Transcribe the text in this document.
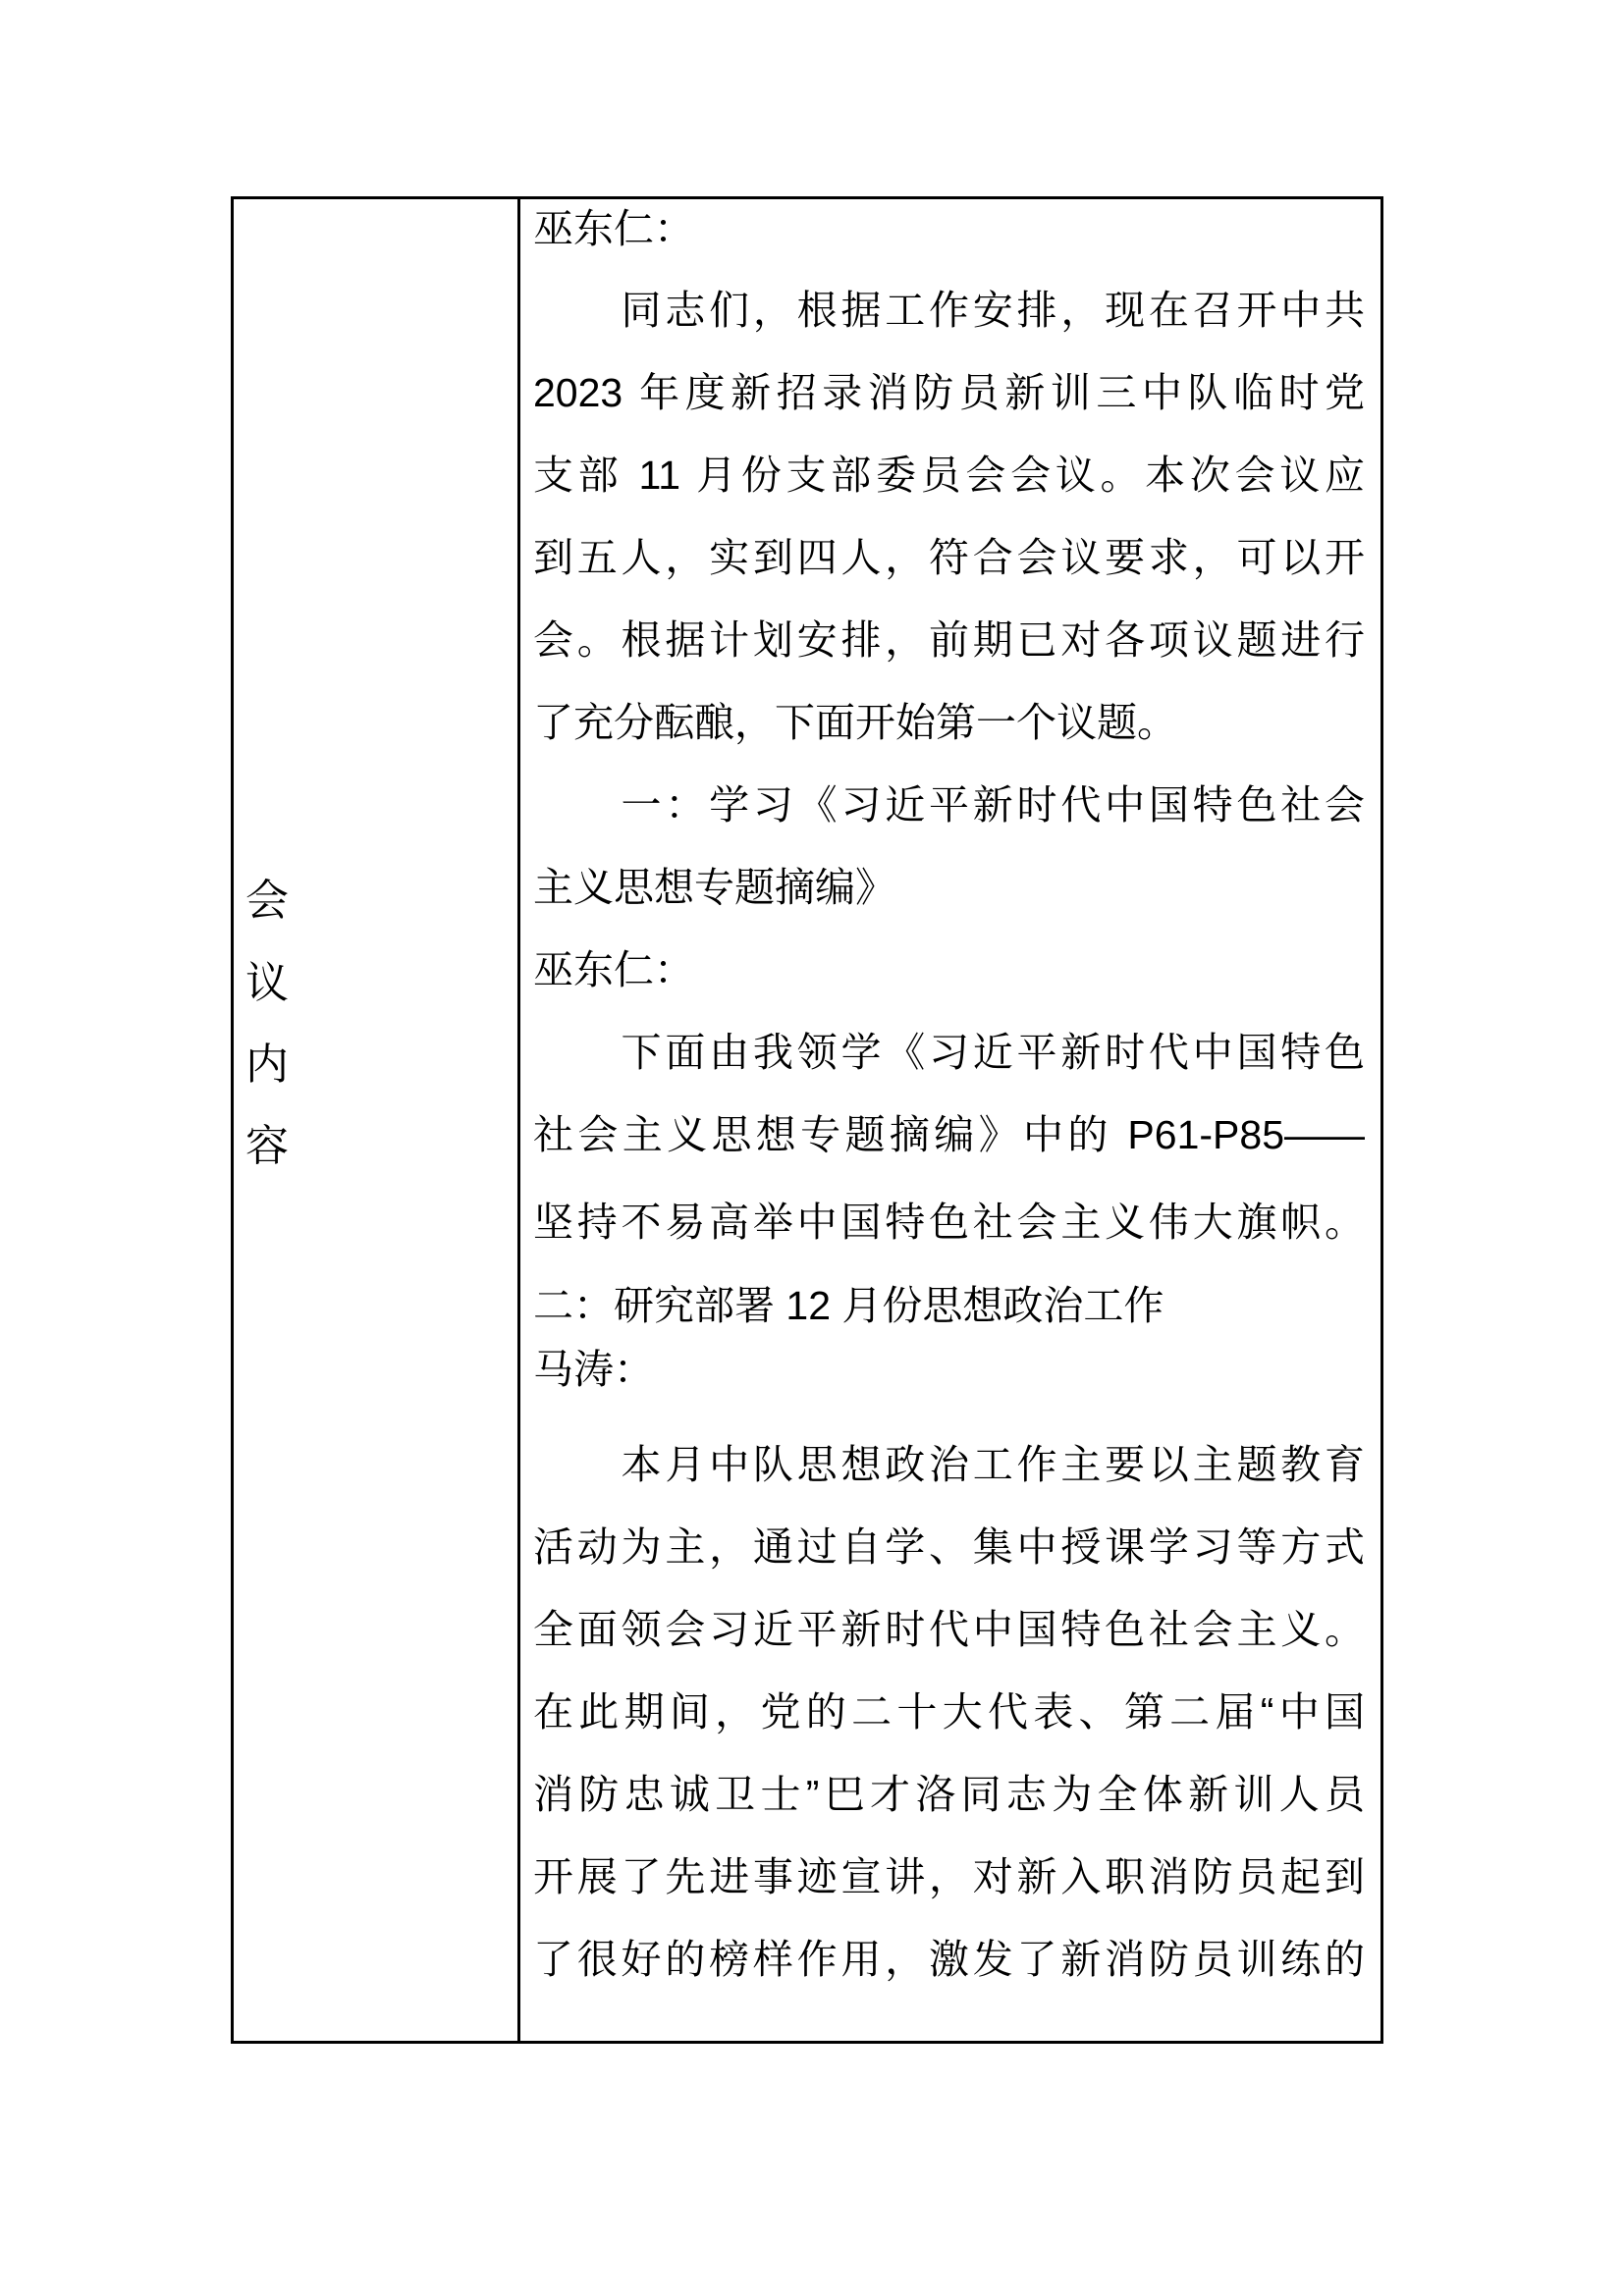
会
议
内
容
巫东仁：
　　同志们，根据工作安排，现在召开中共
2023 年度新招录消防员新训三中队临时党
支部 11 月份支部委员会会议。本次会议应
到五人，实到四人，符合会议要求，可以开
会。根据计划安排，前期已对各项议题进行
了充分酝酿，下面开始第一个议题。
　　一：学习《习近平新时代中国特色社会
主义思想专题摘编》
巫东仁：
　　下面由我领学《习近平新时代中国特色
社会主义思想专题摘编》中的 P61-P85——
坚持不易高举中国特色社会主义伟大旗帜。
二：研究部署 12 月份思想政治工作
马涛：
　　本月中队思想政治工作主要以主题教育
活动为主，通过自学、集中授课学习等方式
全面领会习近平新时代中国特色社会主义。
在此期间，党的二十大代表、第二届“中国
消防忠诚卫士”巴才洛同志为全体新训人员
开展了先进事迹宣讲，对新入职消防员起到
了很好的榜样作用，激发了新消防员训练的
